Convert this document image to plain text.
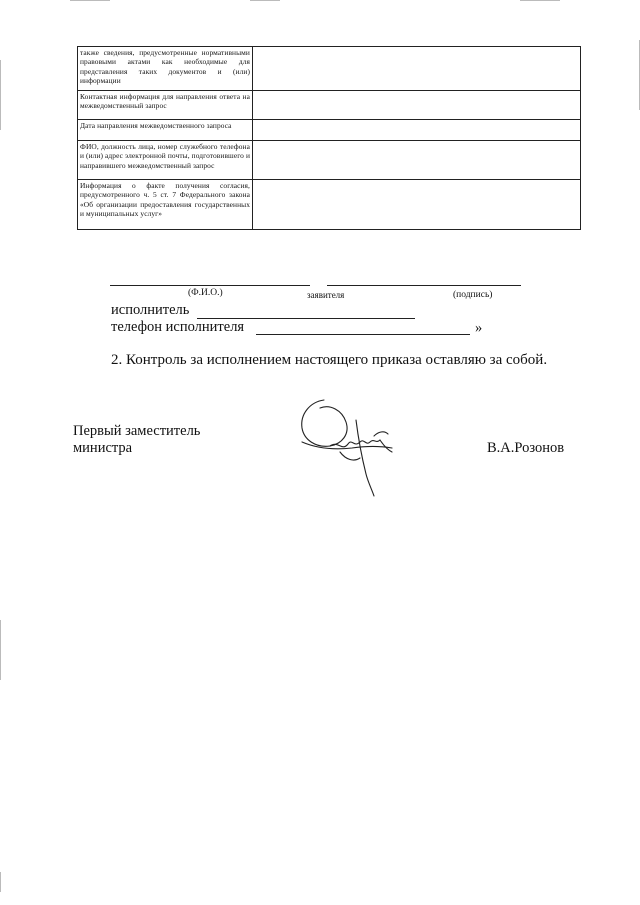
также сведения, предусмотренные нормативными правовыми актами как необходимые для представления таких документов и (или) информации	
Контактная информация для направления ответа на межведомственный запрос	
Дата направления межведомственного запроса	
ФИО, должность лица, номер служебного телефона и (или) адрес электронной почты, подготовившего и направившего межведомственный запрос	
Информация о факте получения согласия, предусмотренного ч. 5 ст. 7 Федерального закона «Об организации предоставления государственных и муниципальных услуг»	
(Ф.И.О.)	заявителя	(подпись)
исполнитель
телефон исполнителя	»
2. Контроль за исполнением настоящего приказа оставляю за собой.
Первый заместитель
министра	В.А.Розонов
